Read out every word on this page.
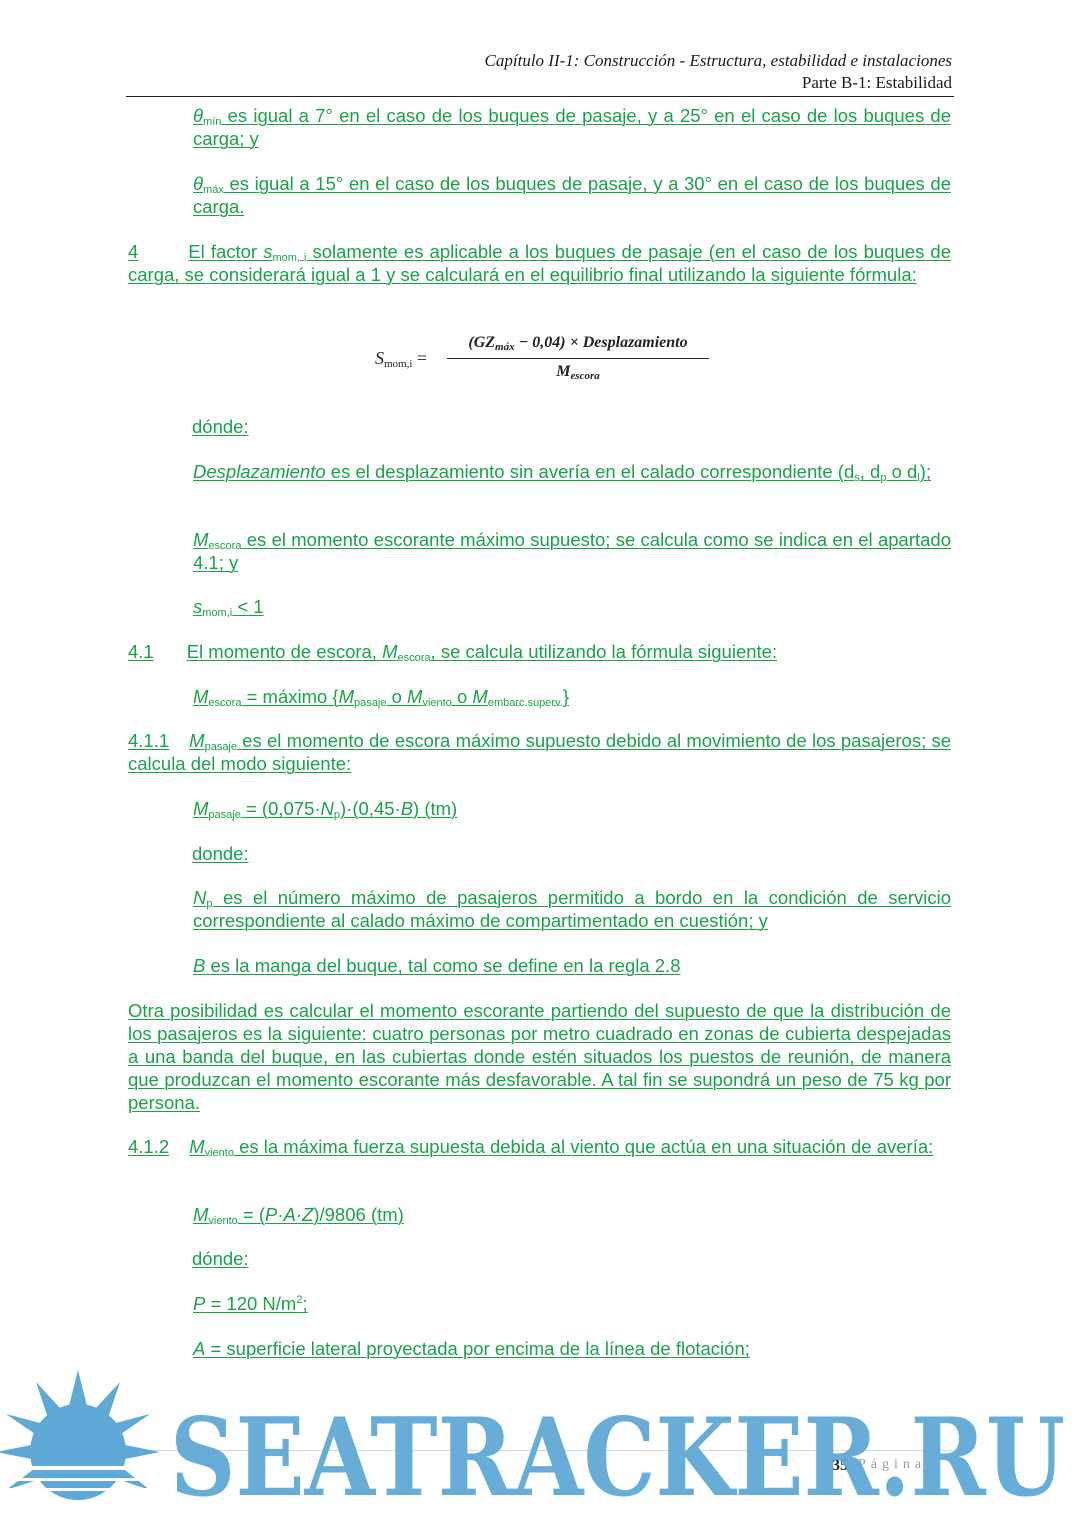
Capítulo II-1: Construcción - Estructura, estabilidad e instalaciones
Parte B-1: Estabilidad
$\theta_{mín}$ es igual a 7° en el caso de los buques de pasaje, y a 25° en el caso de los buques de carga; y
$\theta_{máx}$ es igual a 15° en el caso de los buques de pasaje, y a 30° en el caso de los buques de carga.
4	El factor $s_{mom, i}$ solamente es aplicable a los buques de pasaje (en el caso de los buques de carga, se considerará igual a 1 y se calculará en el equilibrio final utilizando la siguiente fórmula:
$S_{mom,i}$ =
$(GZ_{máx} - 0,04)$ × Desplazamiento
$M_{escora}$
dónde:
Desplazamiento es el desplazamiento sin avería en el calado correspondiente ($d_s$, $d_p$ o $d_l$);
$M_{escora}$ es el momento escorante máximo supuesto; se calcula como se indica en el apartado 4.1; y
$s_{mom,i} < 1$
4.1 El momento de escora, $M_{escora}$, se calcula utilizando la fórmula siguiente:
$M_{escora}$ = máximo {$M_{pasaje}$ o $M_{viento}$ o $M_{embarc.superv.}$}
4.1.1 $M_{pasaje}$ es el momento de escora máximo supuesto debido al movimiento de los pasajeros; se calcula del modo siguiente:
$M_{pasaje} = (0,075\cdot N_p)\cdot(0,45\cdot B)$ (tm)
donde:
$N_p$ es el número máximo de pasajeros permitido a bordo en la condición de servicio correspondiente al calado máximo de compartimentado en cuestión; y
B es la manga del buque, tal como se define en la regla 2.8
Otra posibilidad es calcular el momento escorante partiendo del supuesto de que la distribución de los pasajeros es la siguiente: cuatro personas por metro cuadrado en zonas de cubierta despejadas a una banda del buque, en las cubiertas donde estén situados los puestos de reunión, de manera que produzcan el momento escorante más desfavorable. A tal fin se supondrá un peso de 75 kg por persona.
4.1.2 $M_{viento}$ es la máxima fuerza supuesta debida al viento que actúa en una situación de avería:
$M_{viento} = (P\cdot A\cdot Z)/9806$ (tm)
dónde:
P = 120 $N/m^2$;
A = superficie lateral proyectada por encima de la línea de flotación;
35 | Página
SEATRACKER.RU
